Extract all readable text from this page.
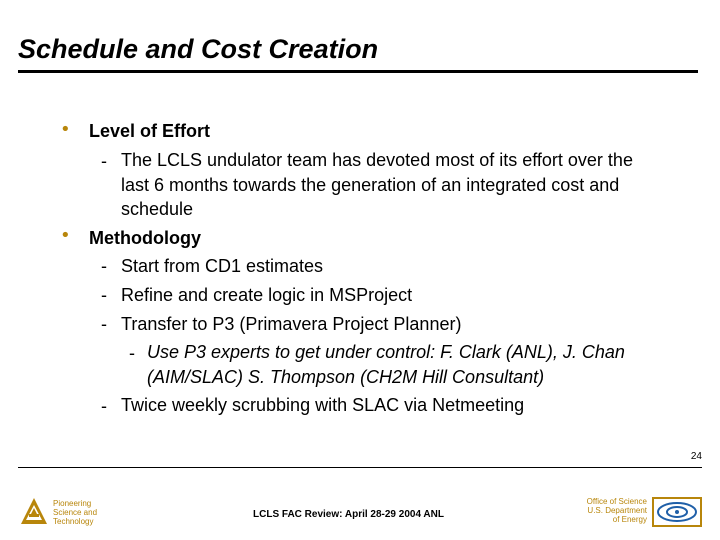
Schedule and Cost Creation
• Level of Effort
- The LCLS undulator team has devoted most of its effort over the
last 6 months towards the generation of an integrated cost and
schedule
• Methodology
- Start from CD1 estimates
- Refine and create logic in MSProject
- Transfer to P3 (Primavera Project Planner)
- Use P3 experts to get under control: F. Clark (ANL), J. Chan
(AIM/SLAC) S. Thompson (CH2M Hill Consultant)
- Twice weekly scrubbing with SLAC via Netmeeting
24
Pioneering
Science and
Technology
LCLS FAC Review: April 28-29 2004 ANL
Office of Science
U.S. Department
of Energy
